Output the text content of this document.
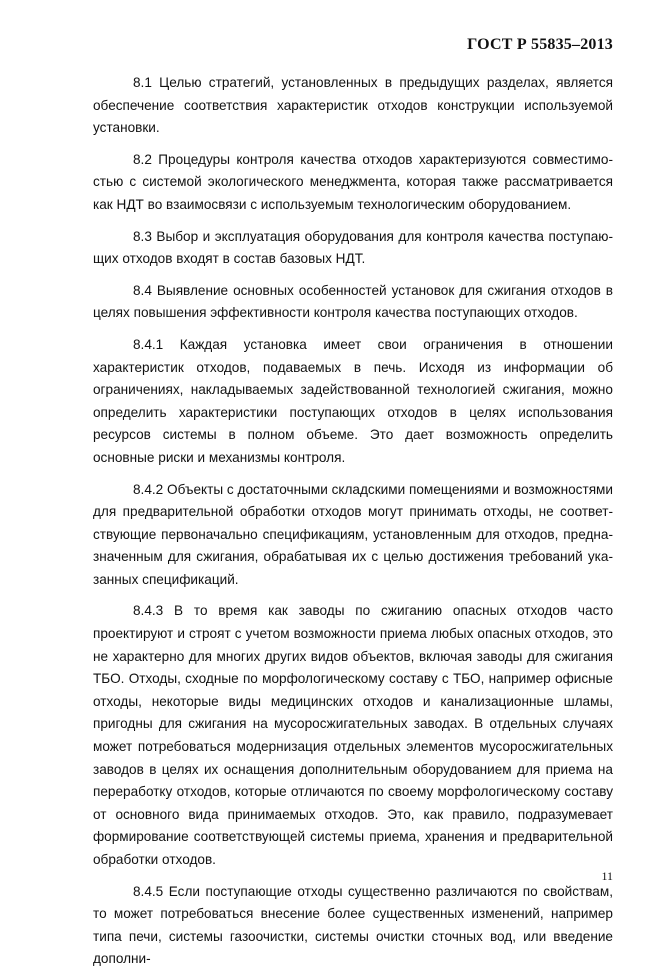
ГОСТ Р 55835–2013

8.1 Целью стратегий, установленных в предыдущих разделах, является обеспечение соответствия характеристик отходов конструкции используемой установки.

8.2 Процедуры контроля качества отходов характеризуются совместимостью с системой экологического менеджмента, которая также рассматривается как НДТ во взаимосвязи с используемым технологическим оборудованием.

8.3 Выбор и эксплуатация оборудования для контроля качества поступающих отходов входят в состав базовых НДТ.

8.4 Выявление основных особенностей установок для сжигания отходов в целях повышения эффективности контроля качества поступающих отходов.

8.4.1 Каждая установка имеет свои ограничения в отношении характеристик отходов, подаваемых в печь. Исходя из информации об ограничениях, накладываемых задействованной технологией сжигания, можно определить характеристики поступающих отходов в целях использования ресурсов системы в полном объеме. Это дает возможность определить основные риски и механизмы контроля.

8.4.2 Объекты с достаточными складскими помещениями и возможностями для предварительной обработки отходов могут принимать отходы, не соответствующие первоначально спецификациям, установленным для отходов, предназначенным для сжигания, обрабатывая их с целью достижения требований указанных спецификаций.

8.4.3 В то время как заводы по сжиганию опасных отходов часто проектируют и строят с учетом возможности приема любых опасных отходов, это не характерно для многих других видов объектов, включая заводы для сжигания ТБО. Отходы, сходные по морфологическому составу с ТБО, например офисные отходы, некоторые виды медицинских отходов и канализационные шламы, пригодны для сжигания на мусоросжигательных заводах. В отдельных случаях может потребоваться модернизация отдельных элементов мусоросжигательных заводов в целях их оснащения дополнительным оборудованием для приема на переработку отходов, которые отличаются по своему морфологическому составу от основного вида принимаемых отходов. Это, как правило, подразумевает формирование соответствующей системы приема, хранения и предварительной обработки отходов.

8.4.5 Если поступающие отходы существенно различаются по свойствам, то может потребоваться внесение более существенных изменений, например типа печи, системы газоочистки, системы очистки сточных вод, или введение дополни-

11
